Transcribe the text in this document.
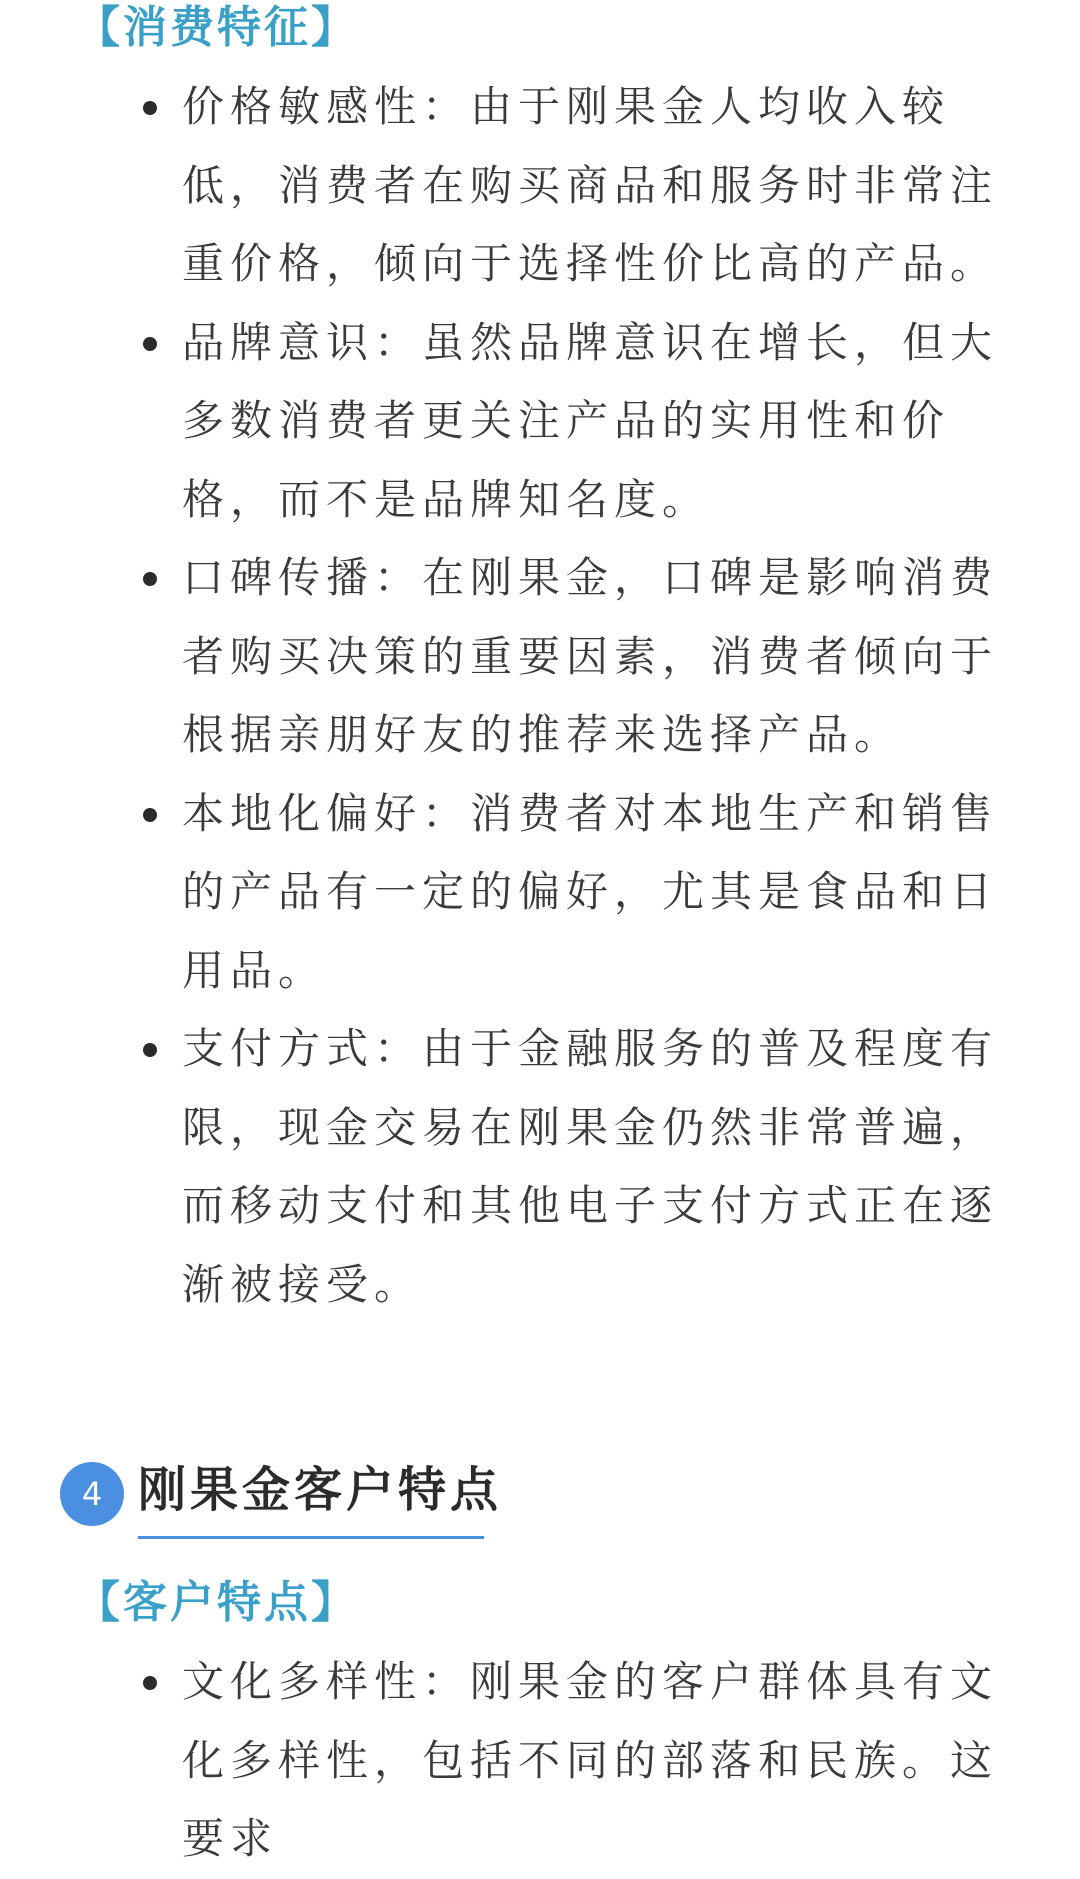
【消费特征】
价格敏感性：由于刚果金人均收入较低，消费者在购买商品和服务时非常注重价格，倾向于选择性价比高的产品。
品牌意识：虽然品牌意识在增长，但大多数消费者更关注产品的实用性和价格，而不是品牌知名度。
口碑传播：在刚果金，口碑是影响消费者购买决策的重要因素，消费者倾向于根据亲朋好友的推荐来选择产品。
本地化偏好：消费者对本地生产和销售的产品有一定的偏好，尤其是食品和日用品。
支付方式：由于金融服务的普及程度有限，现金交易在刚果金仍然非常普遍，而移动支付和其他电子支付方式正在逐渐被接受。
4 刚果金客户特点
【客户特点】
文化多样性：刚果金的客户群体具有文化多样性，包括不同的部落和民族。这要求
